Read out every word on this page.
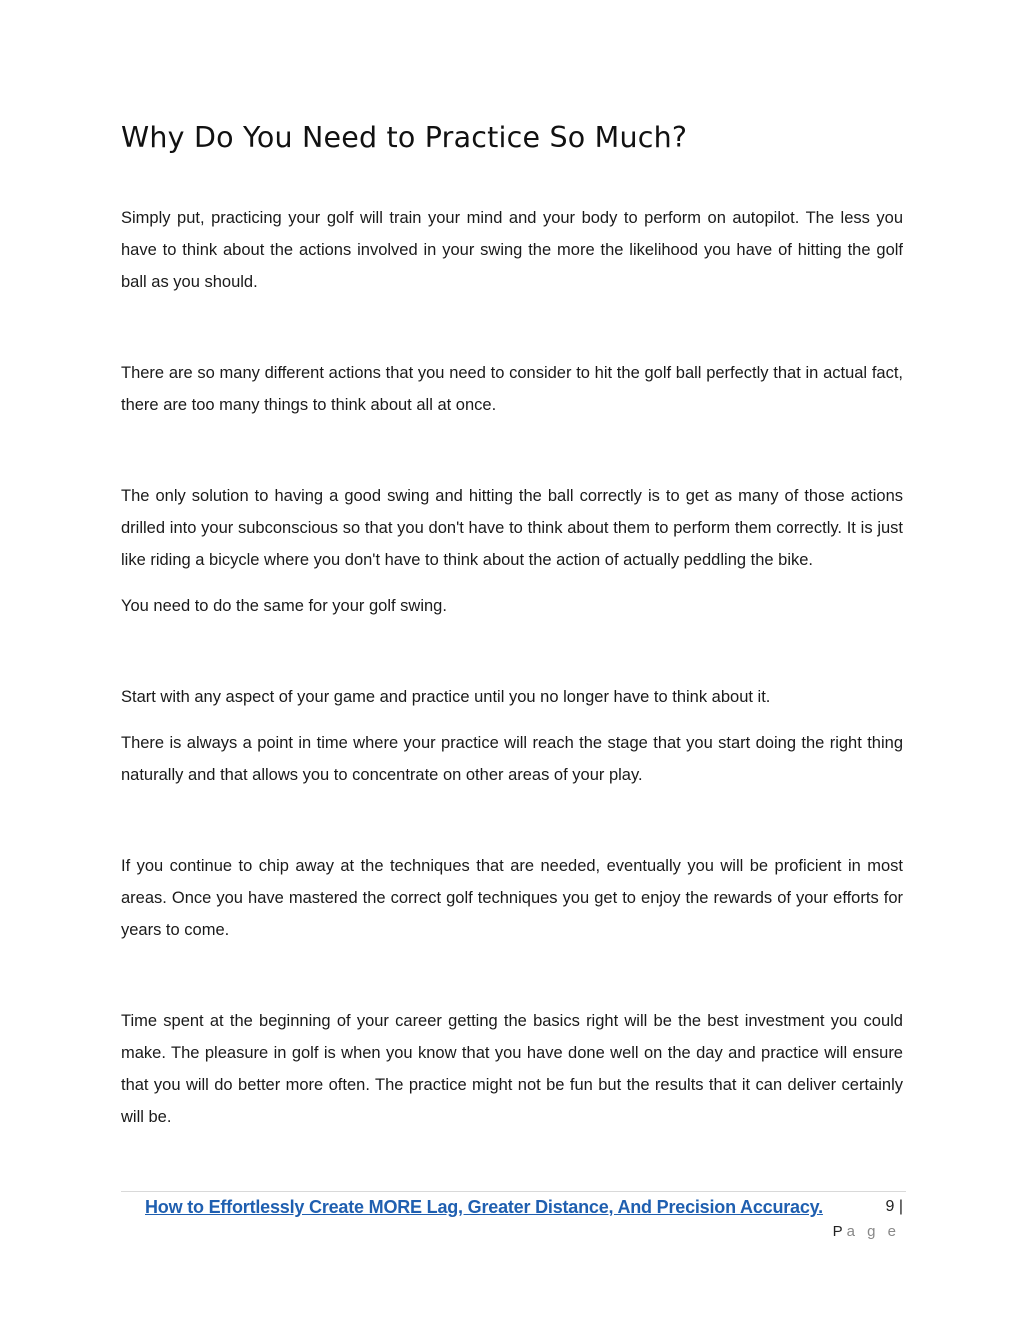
Why Do You Need to Practice So Much?

Simply put, practicing your golf will train your mind and your body to perform on autopilot. The less you have to think about the actions involved in your swing the more the likelihood you have of hitting the golf ball as you should.

There are so many different actions that you need to consider to hit the golf ball perfectly that in actual fact, there are too many things to think about all at once.

The only solution to having a good swing and hitting the ball correctly is to get as many of those actions drilled into your subconscious so that you don't have to think about them to perform them correctly. It is just like riding a bicycle where you don't have to think about the action of actually peddling the bike.

You need to do the same for your golf swing.

Start with any aspect of your game and practice until you no longer have to think about it.

There is always a point in time where your practice will reach the stage that you start doing the right thing naturally and that allows you to concentrate on other areas of your play.

If you continue to chip away at the techniques that are needed, eventually you will be proficient in most areas. Once you have mastered the correct golf techniques you get to enjoy the rewards of your efforts for years to come.

Time spent at the beginning of your career getting the basics right will be the best investment you could make. The pleasure in golf is when you know that you have done well on the day and practice will ensure that you will do better more often. The practice might not be fun but the results that it can deliver certainly will be.

How to Effortlessly Create MORE Lag, Greater Distance, And Precision Accuracy.	9 |
Pa g e
